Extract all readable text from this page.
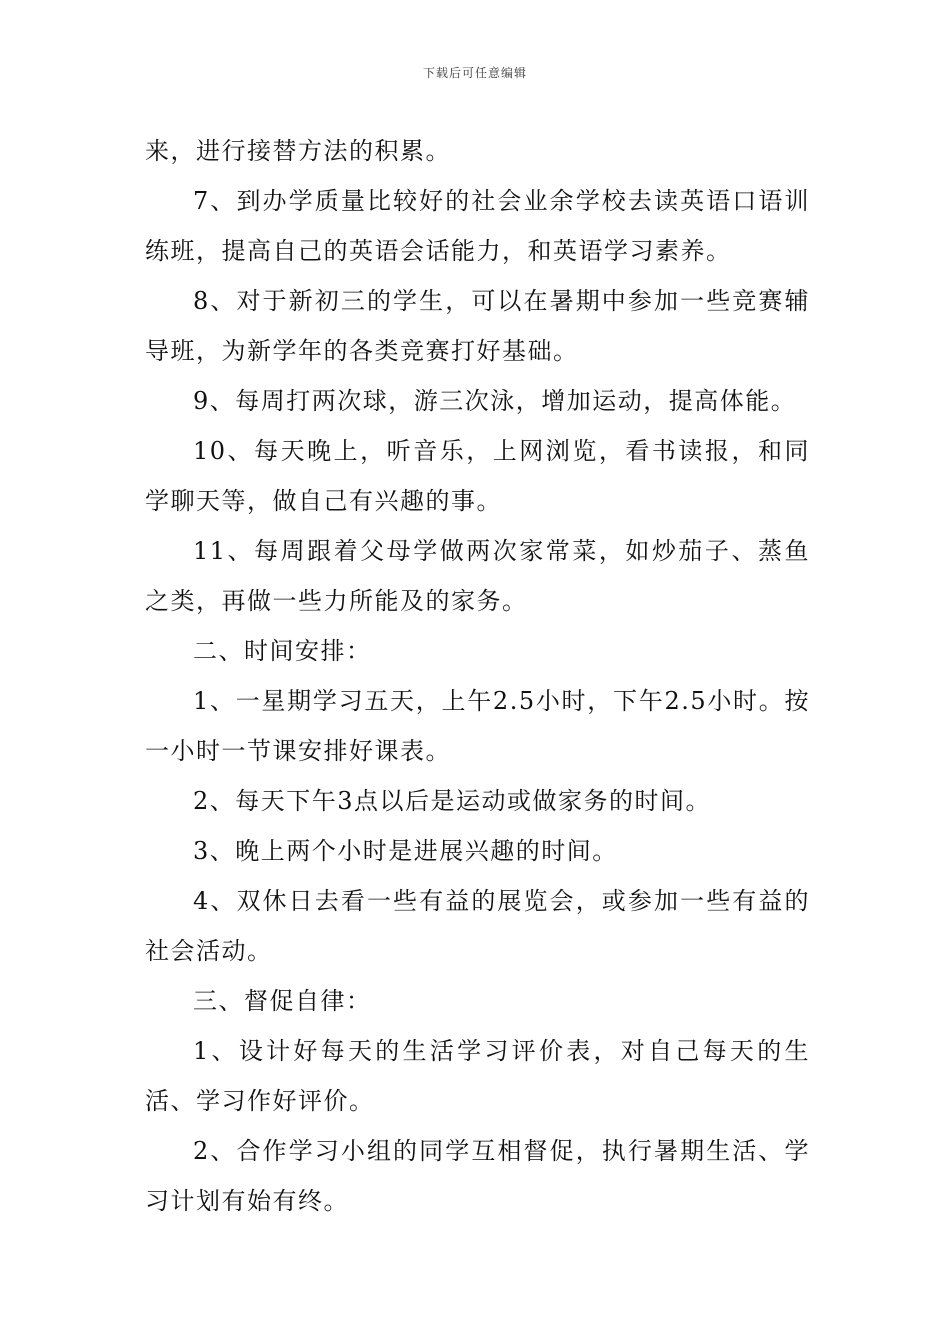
下载后可任意编辑

来，进行接替方法的积累。

7、到办学质量比较好的社会业余学校去读英语口语训练班，提高自己的英语会话能力，和英语学习素养。

8、对于新初三的学生，可以在暑期中参加一些竞赛辅导班，为新学年的各类竞赛打好基础。

9、每周打两次球，游三次泳，增加运动，提高体能。

10、每天晚上，听音乐，上网浏览，看书读报，和同学聊天等，做自己有兴趣的事。

11、每周跟着父母学做两次家常菜，如炒茄子、蒸鱼之类，再做一些力所能及的家务。

二、时间安排：

1、一星期学习五天，上午2.5小时，下午2.5小时。按一小时一节课安排好课表。

2、每天下午3点以后是运动或做家务的时间。

3、晚上两个小时是进展兴趣的时间。

4、双休日去看一些有益的展览会，或参加一些有益的社会活动。

三、督促自律：

1、设计好每天的生活学习评价表，对自己每天的生活、学习作好评价。

2、合作学习小组的同学互相督促，执行暑期生活、学习计划有始有终。
